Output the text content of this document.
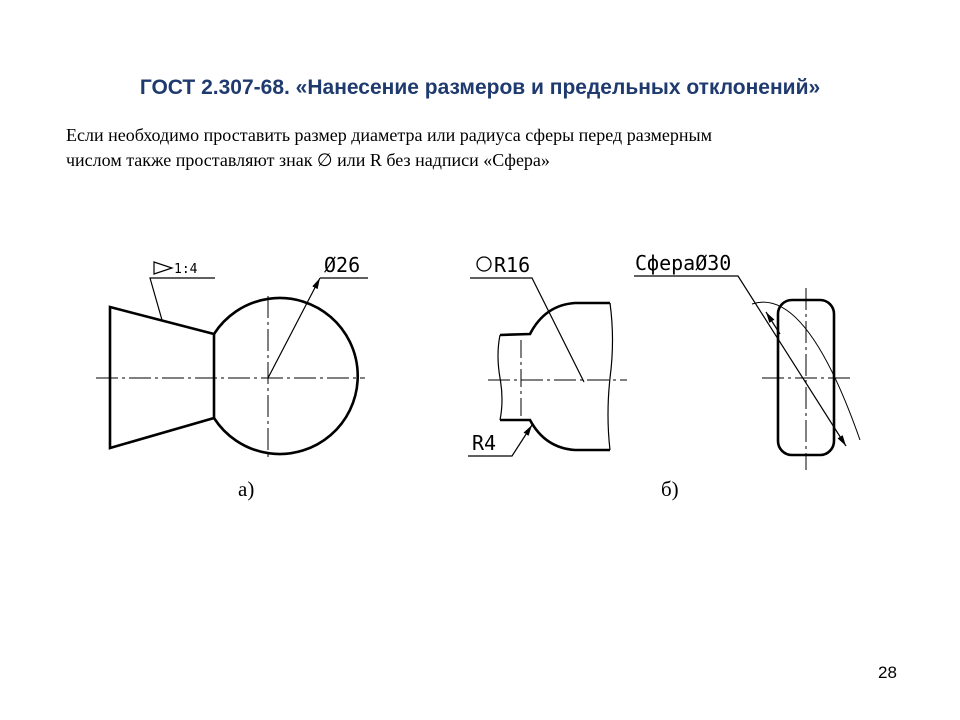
ГОСТ 2.307-68. «Нанесение размеров и предельных отклонений»

Если необходимо проставить размер диаметра или радиуса сферы перед размерным

числом также проставляют знак ∅ или R без надписи «Сфера»

1:4	Ø26
а)
R16
R4
СфераØ30
б)
28
